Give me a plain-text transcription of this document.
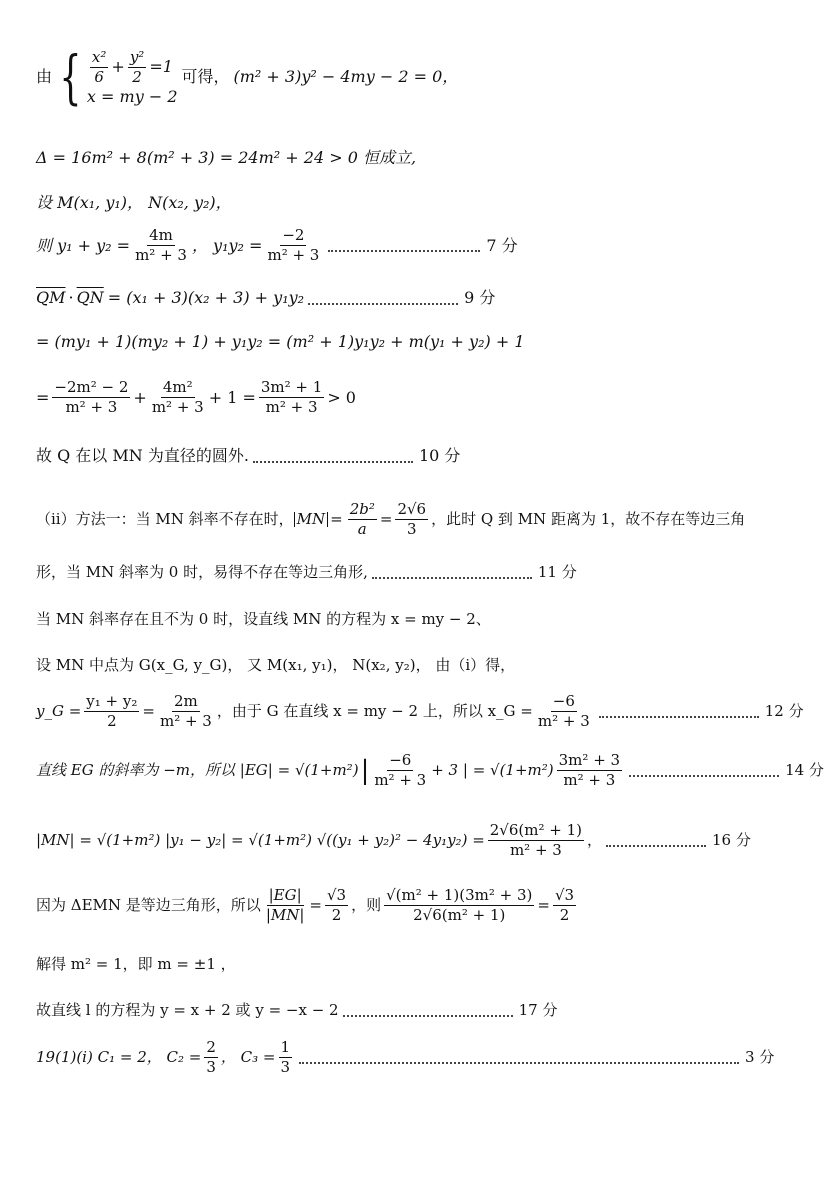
由 { $\frac{\text{x²}}{6} + \frac{\text{y²}}{2} =1$
x = my − 2
可得， (m² + 3)y² − 4my − 2 = 0，
Δ = 16m² + 8(m² + 3) = 24m² + 24 > 0 恒成立,
设 M(x₁, y₁)， N(x₂, y₂)，
则 $y_1 + y_2 = \frac{4m}{\text{m² + 3}}$ ， $y_1y_2 = \frac{-2}{\text{m² + 3}}$	7 分
$\overline{QM} \cdot \overline{QN} = (x_1 + 3)(x_2 + 3) + y_1y_2$	9 分
= (my₁ + 1)(my₂ + 1) + y₁y₂ = (m² + 1)y₁y₂ + m(y₁ + y₂) + 1
= $\frac{\text{−2m² − 2}}{\text{m² + 3}} + \frac{\text{4m²}}{\text{m² + 3}} + 1 = \frac{\text{3m² + 1}}{\text{m² + 3}} > 0$
故 Q 在以 MN 为直径的圆外.	10 分
（ii）方法一：当 MN 斜率不存在时， MN = $\frac{\text{2b²}}{a} = \frac{2√6}{3}$ ，此时 Q 到 MN 距离为 1，故不存在等边三角
形，当 MN 斜率为 0 时，易得不存在等边三角形,	11 分
当 MN 斜率存在且不为 0 时，设直线 MN 的方程为 x = my − 2、
设 MN 中点为 G(x_G, y_G)， 又 M(x₁, y₁)， N(x₂, y₂)， 由（i）得，
y_G = $\frac{\text{y₁ + y₂}}{2} = \frac{2m}{\text{m² + 3}}$ ，由于 G 在直线 x = my − 2 上，所以 x_G = $\frac{-6}{\text{m² + 3}}$	12 分
直线 EG 的斜率为 −m，所以 |EG| = √(1+m²) | $\frac{-6}{\text{m² + 3}} + 3$ | = $√(1+m^2) \frac{\text{3m² + 3}}{\text{m² + 3}}$	14 分
|MN| = √(1+m²) |y₁ − y₂| = √(1+m²) $√((y_1 + y_2)^2 - 4y_1y_2) = \frac{\text{2√6(m² + 1)}}{\text{m² + 3}}$ ，	16 分
因为 ΔEMN 是等边三角形，所以 $\frac{|EG|}{|MN|} = \frac{√3}{2}$ ，则 $\frac{\text{√(m² + 1)(3m² + 3)}}{\text{2√6(m² + 1)}} = \frac{√3}{2}$
解得 m² = 1，即 m = ±1 ，
故直线 l 的方程为 y = x + 2 或 y = −x − 2	17 分
19(1)(i) C₁ = 2， $C_2 = \frac{2}{3}$ ， $C_3 = \frac{1}{3}$	3 分
